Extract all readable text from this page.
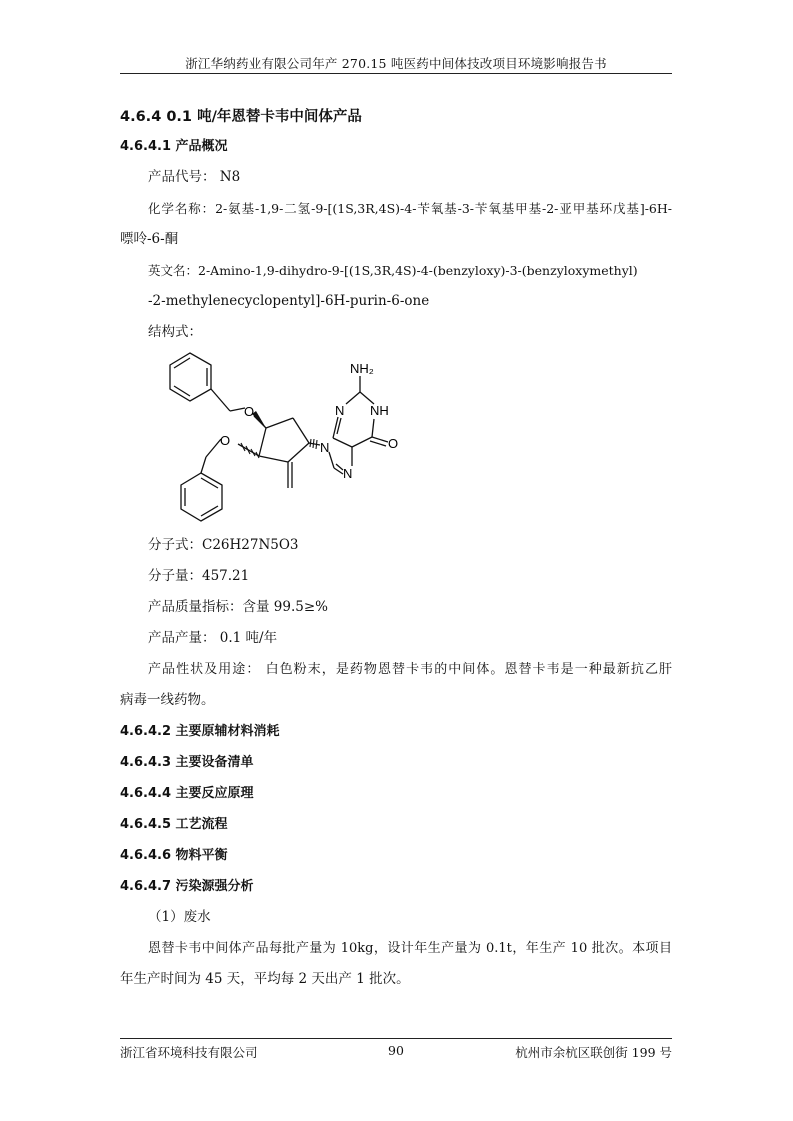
浙江华纳药业有限公司年产 270.15 吨医药中间体技改项目环境影响报告书

4.6.4 0.1 吨/年恩替卡韦中间体产品

4.6.4.1 产品概况

产品代号： N8

化学名称：2-氨基-1,9-二氢-9-[(1S,3R,4S)-4-苄氧基-3-苄氧基甲基-2-亚甲基环戊基]-6H-

嘌呤-6-酮

英文名：2-Amino-1,9-dihydro-9-[(1S,3R,4S)-4-(benzyloxy)-3-(benzyloxymethyl)

-2-methylenecyclopentyl]-6H-purin-6-one

结构式：

O
O	N
N
N NH
O
NH₂

分子式：C26H27N5O3

分子量：457.21

产品质量指标：含量 99.5≥%

产品产量： 0.1 吨/年

产品性状及用途： 白色粉末，是药物恩替卡韦的中间体。恩替卡韦是一种最新抗乙肝

病毒一线药物。

4.6.4.2 主要原辅材料消耗

4.6.4.3 主要设备清单

4.6.4.4 主要反应原理

4.6.4.5 工艺流程

4.6.4.6 物料平衡

4.6.4.7 污染源强分析

（1）废水

恩替卡韦中间体产品每批产量为 10kg，设计年生产量为 0.1t，年生产 10 批次。本项目

年生产时间为 45 天，平均每 2 天出产 1 批次。

浙江省环境科技有限公司	90	杭州市余杭区联创街 199 号
